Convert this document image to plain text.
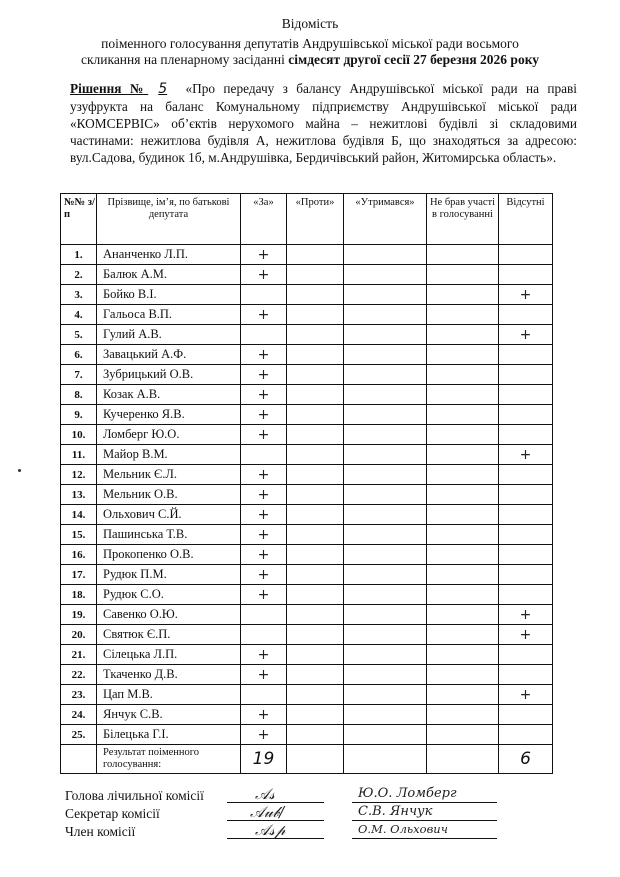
Відомість
поіменного голосування депутатів Андрушівської міської ради восьмого
скликання на пленарному засіданні сімдесят другої сесії 27 березня 2026 року
Рішення № 5 «Про передачу з балансу Андрушівської міської ради на праві узуфрукта на баланс Комунальному підприємству Андрушівської міської ради «КОМСЕРВІС» об’єктів нерухомого майна – нежитлові будівлі зі складовими частинами: нежитлова будівля А, нежитлова будівля Б, що знаходяться за адресою: вул.Садова, будинок 1б, м.Андрушівка, Бердичівський район, Житомирська область».
№№ з/п	Прізвище, ім’я, по батькові депутата	«За»	«Проти»	«Утримався»	Не брав участі в голосуванні	Відсутні
1.	Ананченко Л.П.	+				
2.	Балюк А.М.	+				
3.	Бойко В.І.					+
4.	Гальоса В.П.	+				
5.	Гулий А.В.					+
6.	Завацький А.Ф.	+				
7.	Зубрицький О.В.	+				
8.	Козак А.В.	+				
9.	Кучеренко Я.В.	+				
10.	Ломберг Ю.О.	+				
11.	Майор В.М.					+
12.	Мельник Є.Л.	+				
13.	Мельник О.В.	+				
14.	Ольхович С.Й.	+				
15.	Пашинська Т.В.	+				
16.	Прокопенко О.В.	+				
17.	Рудюк П.М.	+				
18.	Рудюк С.О.	+				
19.	Савенко О.Ю.					+
20.	Святюк Є.П.					+
21.	Сілецька Л.П.	+				
22.	Ткаченко Д.В.	+				
23.	Цап М.В.					+
24.	Янчук С.В.	+				
25.	Білецька Г.І.	+				
	Результат поіменного голосування:	19				6
Голова лічильної комісії
Секретар комісії
Член комісії
𝒜𝓈
𝒜𝓊𝒷/
𝒜𝓈𝓅
Ю.О. Ломберг
С.В. Янчук
О.М. Ольхович
